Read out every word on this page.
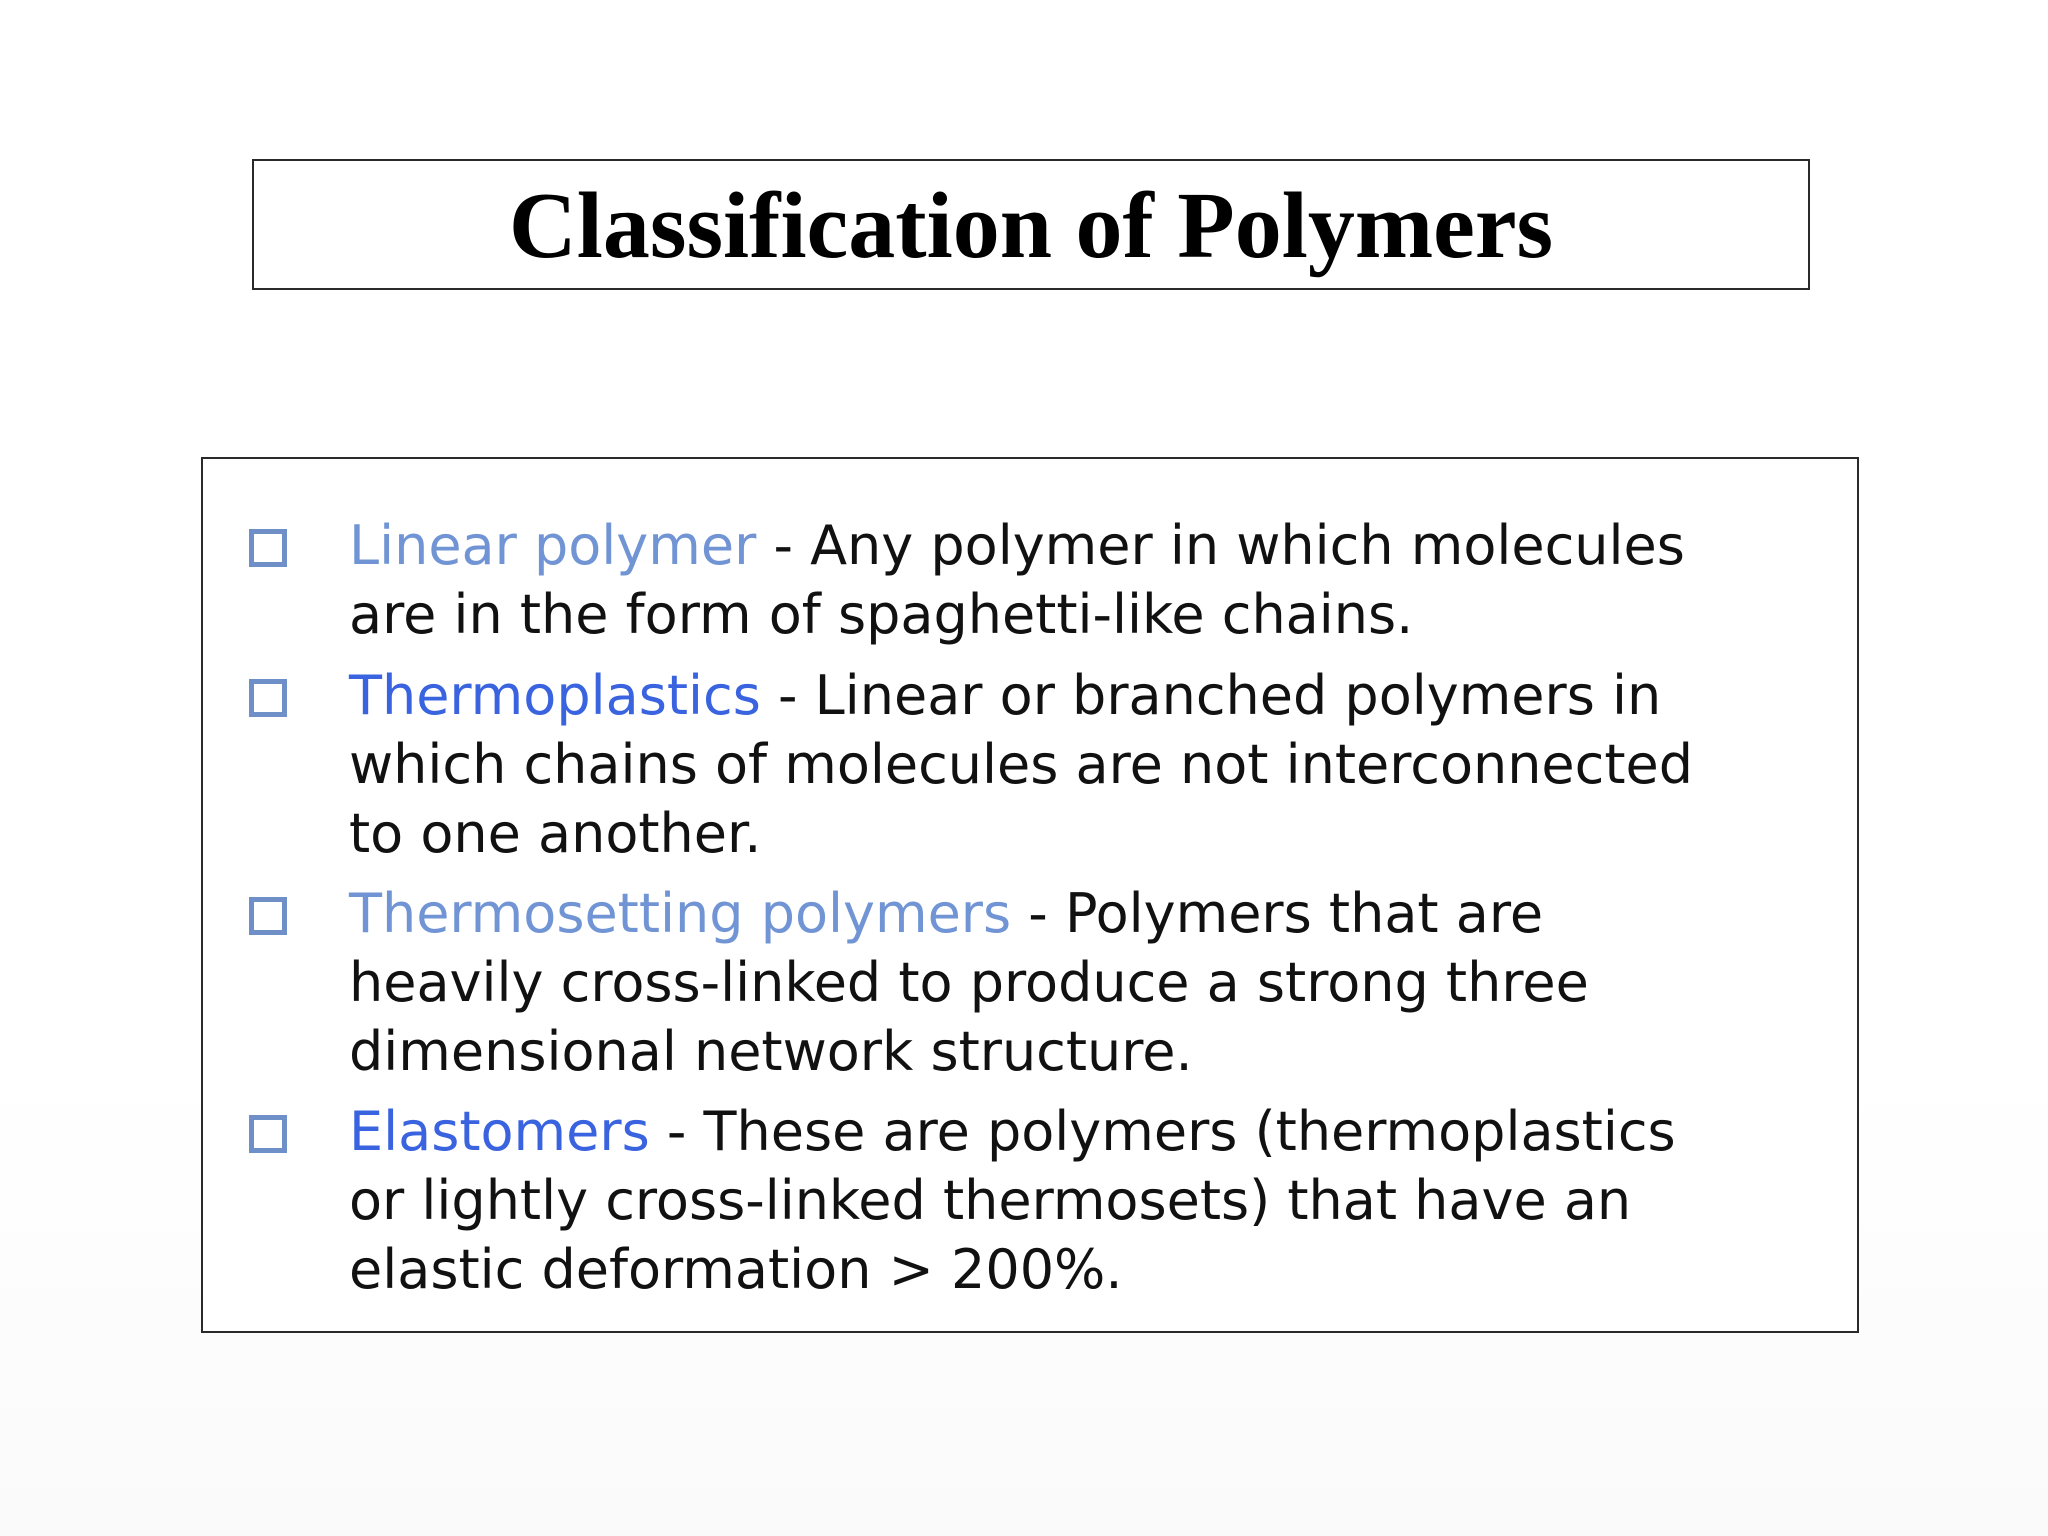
Classification of Polymers
Linear polymer - Any polymer in which molecules
are in the form of spaghetti-like chains.
Thermoplastics - Linear or branched polymers in
which chains of molecules are not interconnected
to one another.
Thermosetting polymers - Polymers that are
heavily cross-linked to produce a strong three
dimensional network structure.
Elastomers - These are polymers (thermoplastics
or lightly cross-linked thermosets) that have an
elastic deformation > 200%.
